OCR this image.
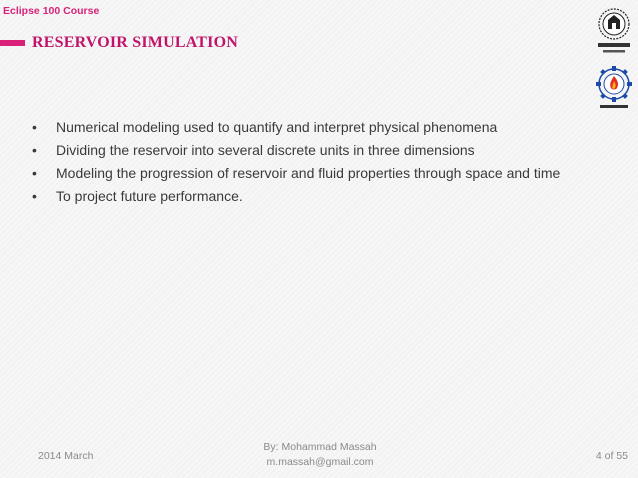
Eclipse 100 Course
RESERVOIR SIMULATION
• Numerical modeling used to quantify and interpret physical phenomena
• Dividing the reservoir into several discrete units in three dimensions
• Modeling the progression of reservoir and fluid properties through space and time
• To project future performance.
2014 March
By: Mohammad Massah
m.massah@gmail.com	4 of 55
